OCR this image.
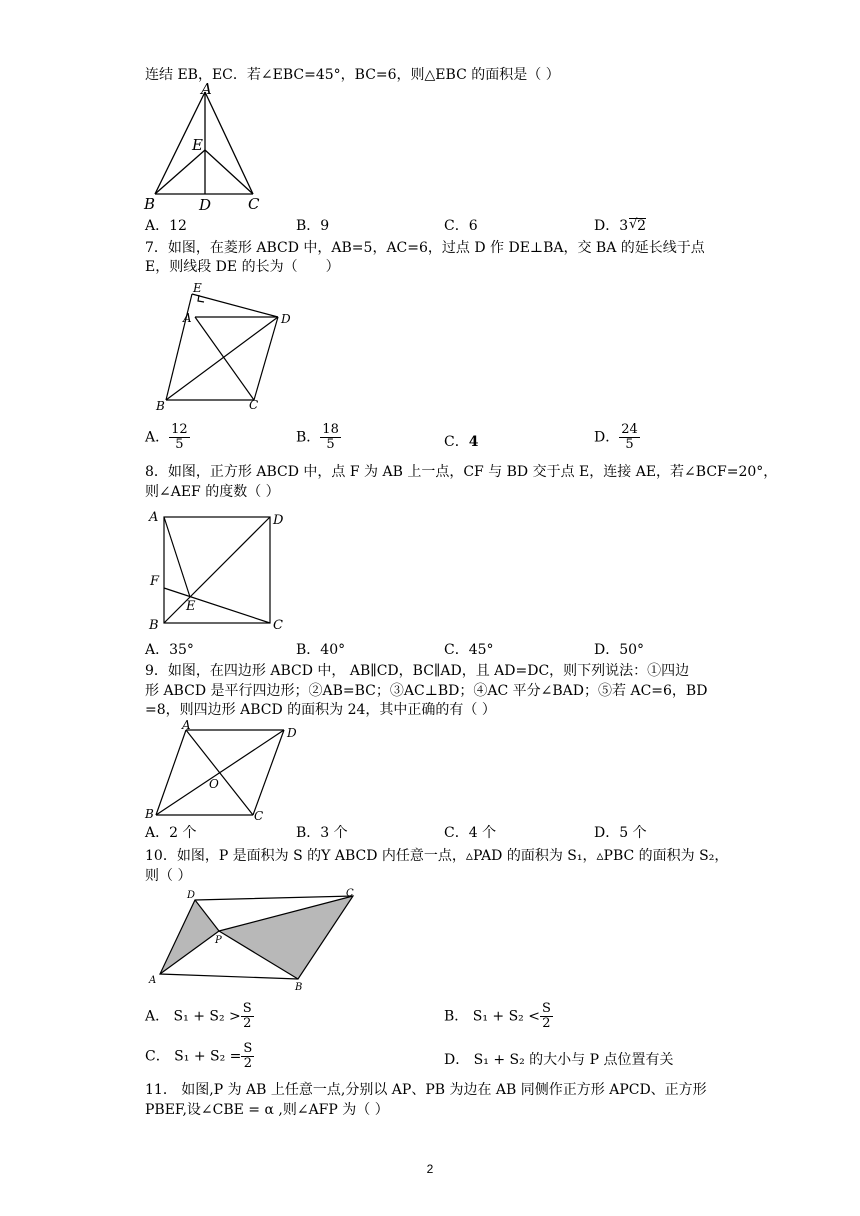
连结 EB，EC．若∠EBC=45°，BC=6，则△EBC 的面积是（ ）
A
E
B	D C
A．12	B．9	C．6	D．3 √ 2
7．如图，在菱形 ABCD 中，AB=5，AC=6，过点 D 作 DE⊥BA，交 BA 的延长线于点
E，则线段 DE 的长为（　　）
E
A	D
B	C
A． $\frac{12}{5}$	B． $\frac{18}{5}$	C．4	D． $\frac{24}{5}$
8．如图，正方形 ABCD 中，点 F 为 AB 上一点，CF 与 BD 交于点 E，连接 AE，若∠BCF=20°，
则∠AEF 的度数（ ）
A	D
F
E
B	C
A．35°	B．40°	C．45°	D．50°
9．如图，在四边形 ABCD 中， AB∥CD，BC∥AD，且 AD=DC，则下列说法：①四边
形 ABCD 是平行四边形；②AB=BC；③AC⊥BD；④AC 平分∠BAD；⑤若 AC=6，BD
=8，则四边形 ABCD 的面积为 24，其中正确的有（ ）
A
D
O
B	C
A．2 个	B．3 个	C．4 个	D．5 个
10．如图，P 是面积为 S 的Y ABCD 内任意一点，▵PAD 的面积为 S₁，▵PBC 的面积为 S₂，
则（ ）
D	C
P
A
B
A． $S_1 + S_2 > \frac{S}{2}$	B． $S_1 + S_2 < \frac{S}{2}$
C． $S_1 + S_2 = \frac{S}{2}$	D． S₁ + S₂ 的大小与 P 点位置有关
11． 如图,P 为 AB 上任意一点,分别以 AP、PB 为边在 AB 同侧作正方形 APCD、正方形
PBEF,设∠CBE = α ,则∠AFP 为（ ）
2
